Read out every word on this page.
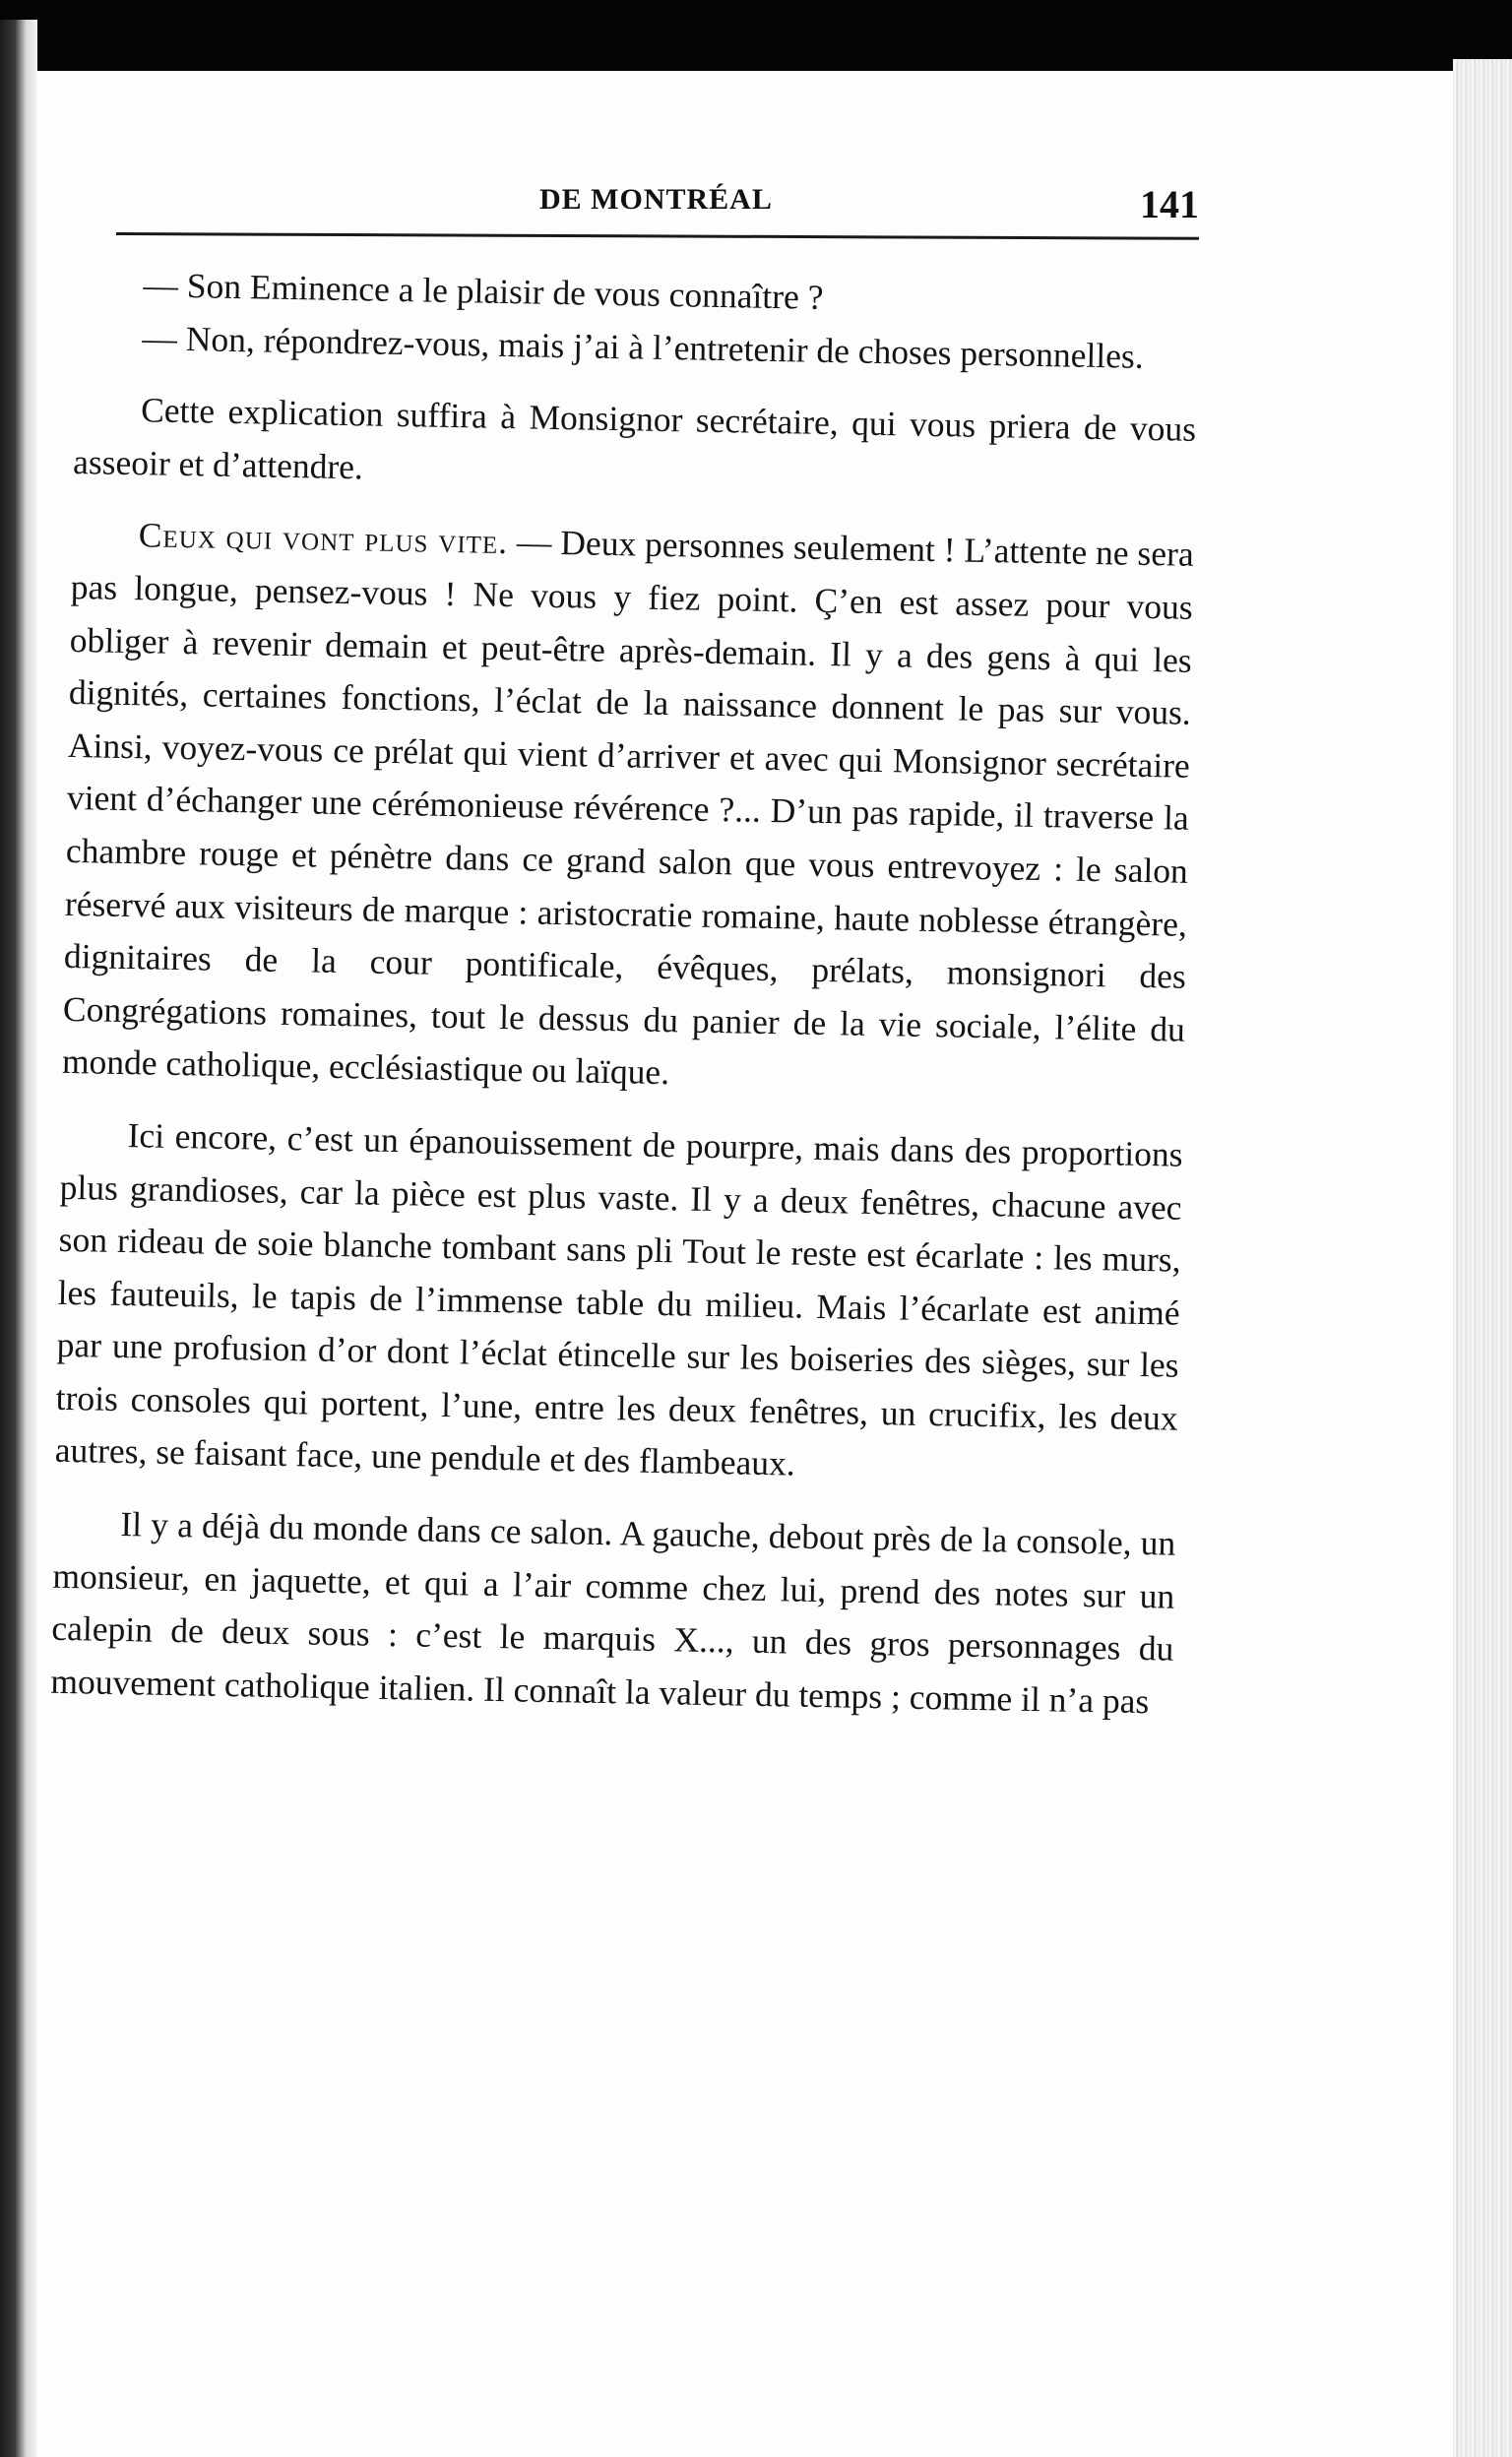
DE MONTRÉAL	141

— Son Eminence a le plaisir de vous connaître ?

— Non, répondrez-vous, mais j’ai à l’entretenir de choses personnelles.

Cette explication suffira à Monsignor secrétaire, qui vous priera de vous asseoir et d’attendre.

Ceux qui vont plus vite. — Deux personnes seulement ! L’attente ne sera pas longue, pensez-vous ! Ne vous y fiez point. Ç’en est assez pour vous obliger à revenir demain et peut-être après-demain. Il y a des gens à qui les dignités, certaines fonctions, l’éclat de la naissance donnent le pas sur vous. Ainsi, voyez-vous ce prélat qui vient d’arriver et avec qui Monsignor secrétaire vient d’échanger une cérémonieuse révérence ?... D’un pas rapide, il traverse la chambre rouge et pénètre dans ce grand salon que vous entrevoyez : le salon réservé aux visiteurs de marque : aristocratie romaine, haute noblesse étrangère, dignitaires de la cour pontificale, évêques, prélats, monsignori des Congrégations romaines, tout le dessus du panier de la vie sociale, l’élite du monde catholique, ecclésiastique ou laïque.

Ici encore, c’est un épanouissement de pourpre, mais dans des proportions plus grandioses, car la pièce est plus vaste. Il y a deux fenêtres, chacune avec son rideau de soie blanche tombant sans pli Tout le reste est écarlate : les murs, les fauteuils, le tapis de l’immense table du milieu. Mais l’écarlate est animé par une profusion d’or dont l’éclat étincelle sur les boiseries des sièges, sur les trois consoles qui portent, l’une, entre les deux fenêtres, un crucifix, les deux autres, se faisant face, une pendule et des flambeaux.

Il y a déjà du monde dans ce salon. A gauche, debout près de la console, un monsieur, en jaquette, et qui a l’air comme chez lui, prend des notes sur un calepin de deux sous : c’est le marquis X..., un des gros personnages du mouvement catholique italien. Il connaît la valeur du temps ; comme il n’a pas
